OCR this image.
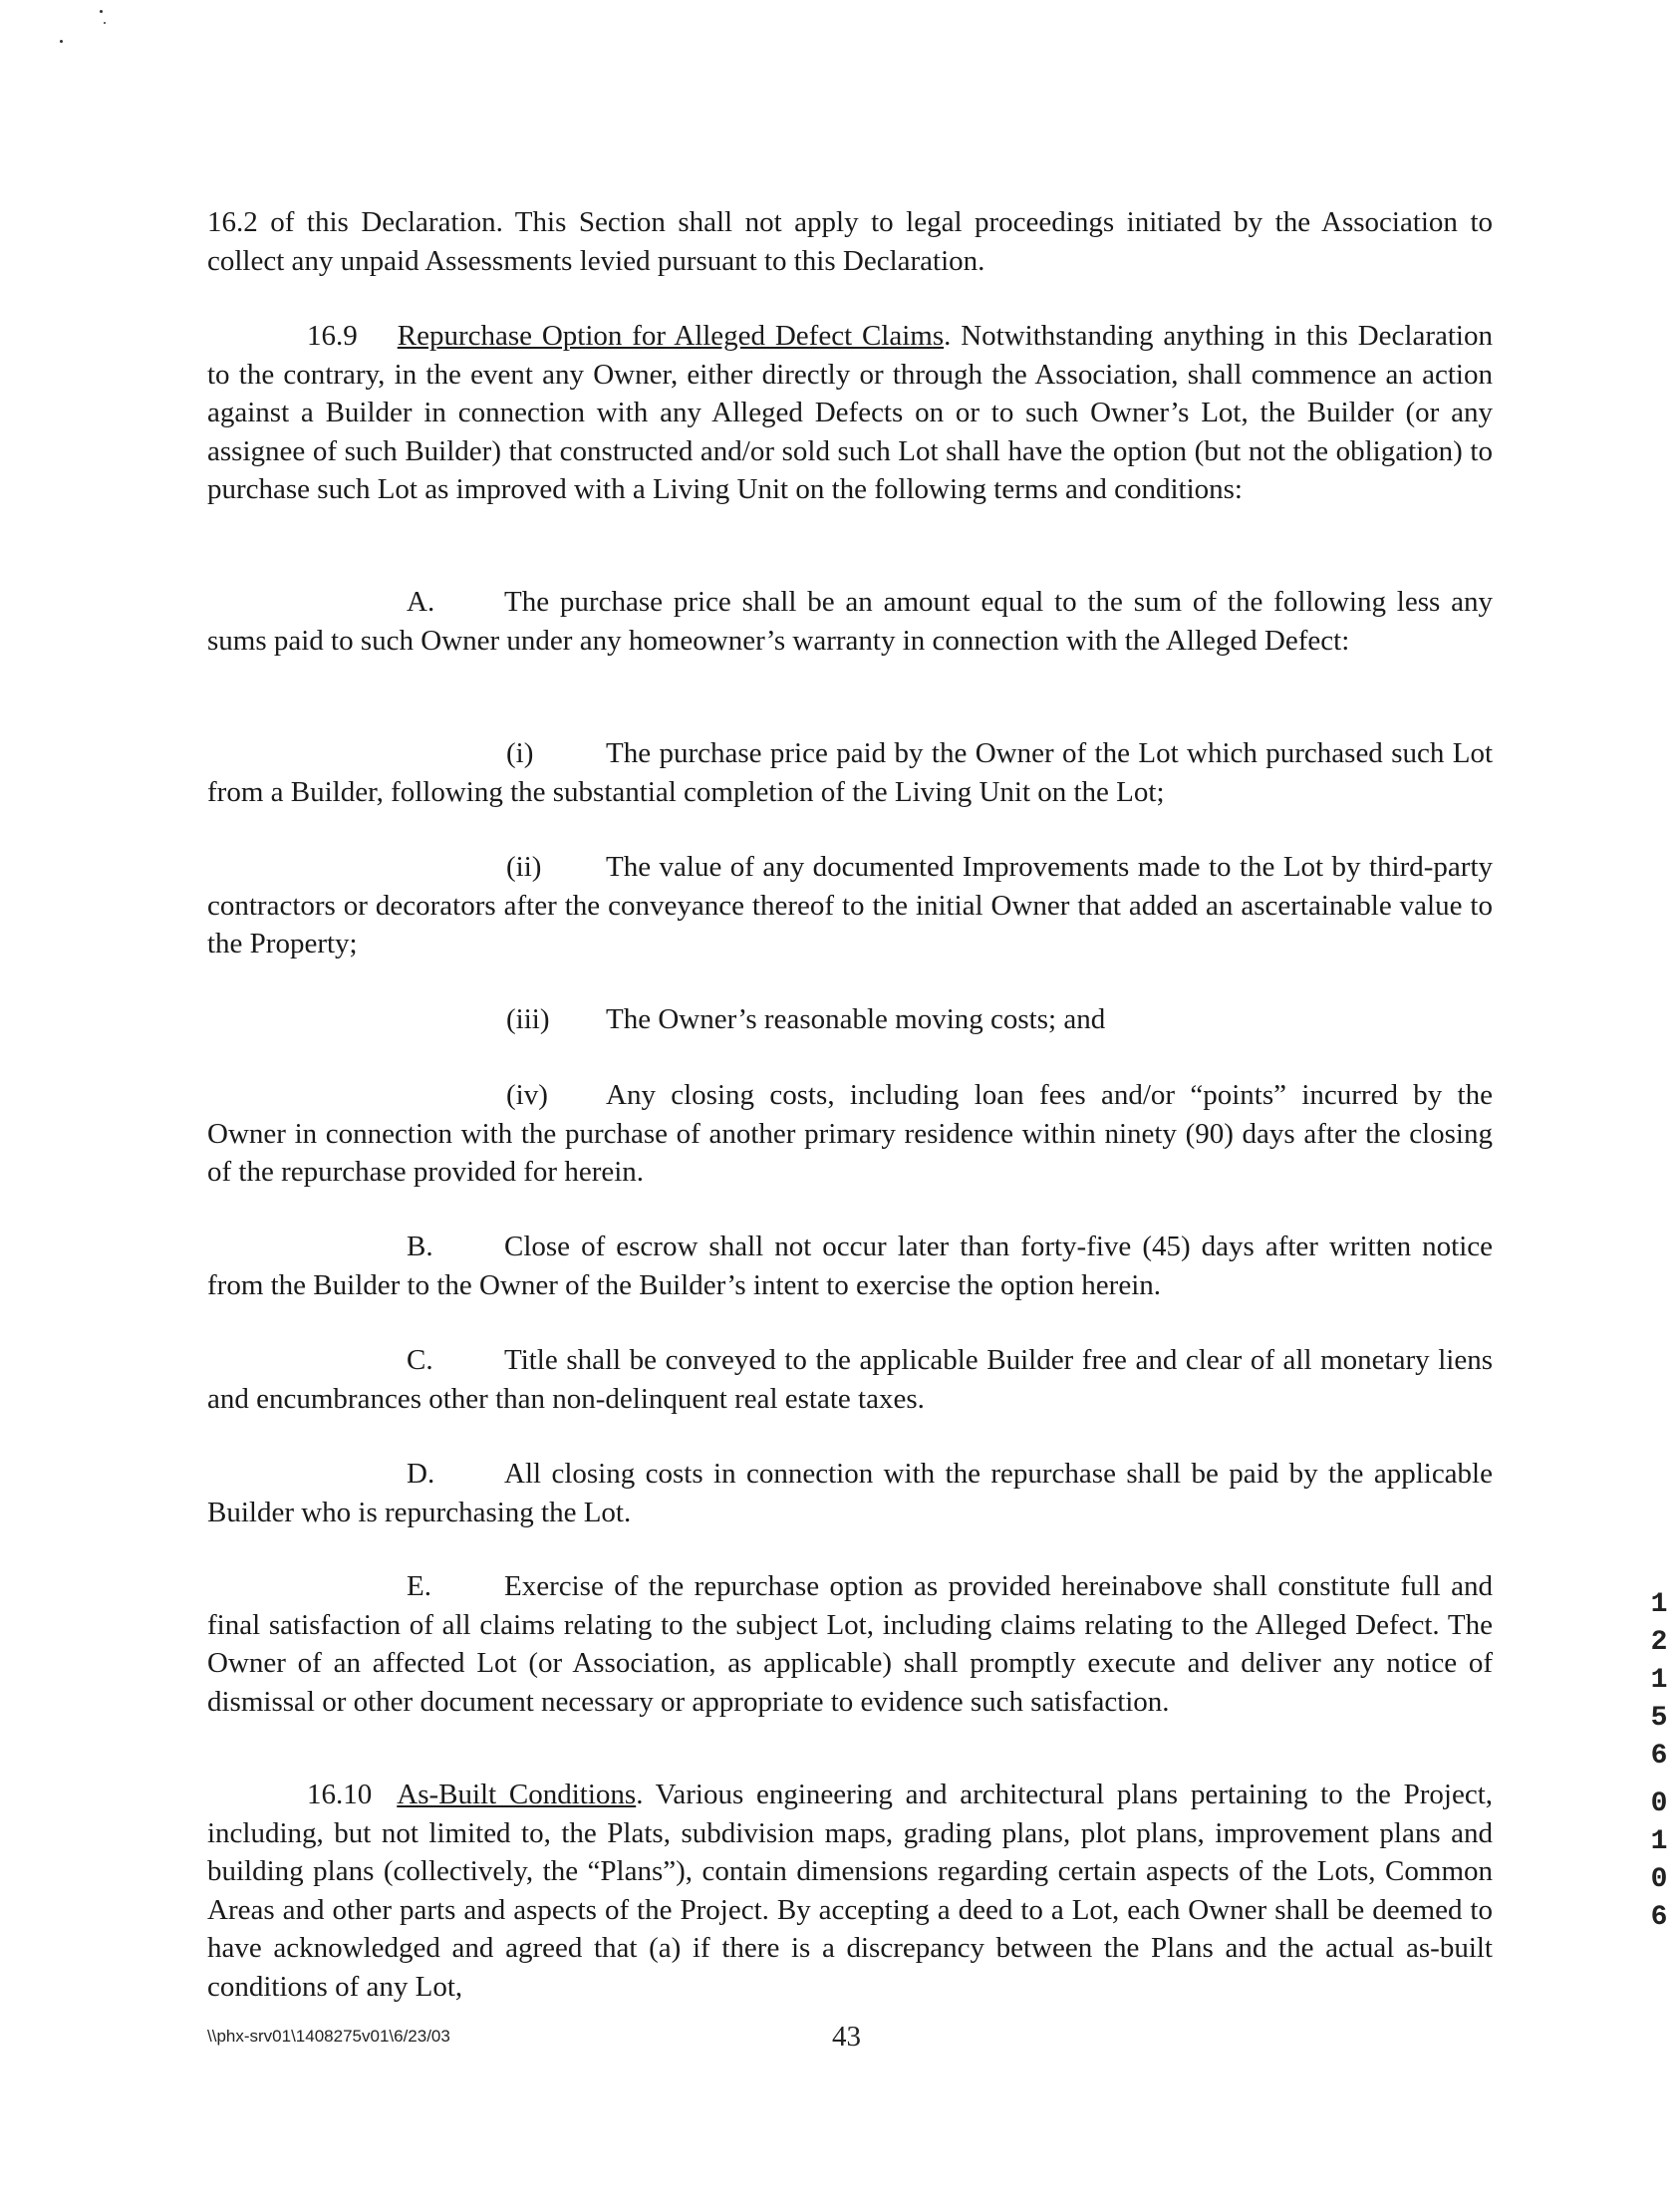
16.2 of this Declaration. This Section shall not apply to legal proceedings initiated by the Association to collect any unpaid Assessments levied pursuant to this Declaration.

16.9 Repurchase Option for Alleged Defect Claims. Notwithstanding anything in this Declaration to the contrary, in the event any Owner, either directly or through the Association, shall commence an action against a Builder in connection with any Alleged Defects on or to such Owner’s Lot, the Builder (or any assignee of such Builder) that constructed and/or sold such Lot shall have the option (but not the obligation) to purchase such Lot as improved with a Living Unit on the following terms and conditions:

A. The purchase price shall be an amount equal to the sum of the following less any sums paid to such Owner under any homeowner’s warranty in connection with the Alleged Defect:

(i)	The purchase price paid by the Owner of the Lot which purchased such Lot from a Builder, following the substantial completion of the Living Unit on the Lot;

(ii) The value of any documented Improvements made to the Lot by third-party contractors or decorators after the conveyance thereof to the initial Owner that added an ascertainable value to the Property;

(iii) The Owner’s reasonable moving costs; and

(iv) Any closing costs, including loan fees and/or “points” incurred by the Owner in connection with the purchase of another primary residence within ninety (90) days after the closing of the repurchase provided for herein.

B. Close of escrow shall not occur later than forty-five (45) days after written notice from the Builder to the Owner of the Builder’s intent to exercise the option herein.

C. Title shall be conveyed to the applicable Builder free and clear of all monetary liens and encumbrances other than non-delinquent real estate taxes.

D. All closing costs in connection with the repurchase shall be paid by the applicable Builder who is repurchasing the Lot.

E.	Exercise of the repurchase option as provided hereinabove shall constitute full and final satisfaction of all claims relating to the subject Lot, including claims relating to the Alleged Defect. The Owner of an affected Lot (or Association, as applicable) shall promptly execute and deliver any notice of dismissal or other document necessary or appropriate to evidence such satisfaction.

16.10 As-Built Conditions. Various engineering and architectural plans pertaining to the Project, including, but not limited to, the Plats, subdivision maps, grading plans, plot plans, improvement plans and building plans (collectively, the “Plans”), contain dimensions regarding certain aspects of the Lots, Common Areas and other parts and aspects of the Project. By accepting a deed to a Lot, each Owner shall be deemed to have acknowledged and agreed that (a) if there is a discrepancy between the Plans and the actual as-built conditions of any Lot,

1
2
1
5
6
0
1
0
6
\\phx-srv01\1408275v01\6/23/03	43
